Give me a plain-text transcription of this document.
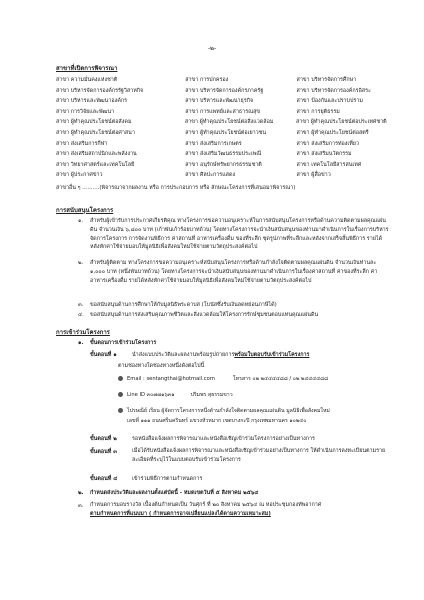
-๒-
สาขาที่เปิดการพิจารณา
สาขา ความมั่นคงแห่งชาติ	สาขา การปกครอง	สาขา บริหารจัดการศึกษา
สาขา บริหารจัดการองค์กรรัฐวิสาหกิจ	สาขา บริหารจัดการองค์กรภาครัฐ	สาขา บริหารจัดการองค์กรอิสระ
สาขา บริหารและพัฒนาองค์กร	สาขา บริหารและพัฒนาธุรกิจ	สาขา ป้องกันและปราบปราม
สาขา การวิจัยและพัฒนา	สาขา การแพทย์และสาธารณสุข	สาขา การยุติธรรม
สาขา ผู้ทำคุณประโยชน์ต่อสังคม	สาขา ผู้ทำคุณประโยชน์ต่อสิ่งแวดล้อม	สาขา ผู้ทำคุณประโยชน์ต่อประเทศชาติ
สาขา ผู้ทำคุณประโยชน์ต่อศาสนา	สาขา ผู้ทำคุณประโยชน์ต่อเยาวชน	สาขา ผู้ทำคุณประโยชน์ต่อสตรี
สาขา ส่งเสริมการกีฬา	สาขา ส่งเสริมการเกษตร	สาขา ส่งเสริมการท่องเที่ยว
สาขา ส่งเสริมสถาปนิกและพลังงาน	สาขา ส่งเสริมวัฒนธรรมประเพณี	สาขา ส่งเสริมนวัตกรรม
สาขา วิทยาศาสตร์และเทคโนโลยี	สาขา อนุรักษ์ทรัพยากรธรรมชาติ	สาขา เทคโนโลยีสารสนเทศ
สาขา ผู้ประกาศข่าว	สาขา ศิลปะการแสดง	สาขา ผู้สื่อข่าว
สาขาอื่น ๆ ..........(พิจารณาจากผลงาน หรือ การประกอบการ หรือ ลักษณะโครงการที่เสนอมาพิจารณา)
การสนับสนุนโครงการ
๑.	สำหรับผู้เข้ารับการประกาศเกียรติคุณ ทางโครงการขอความอนุเคราะห์ในการสนับสนุนโครงการหรือด้านความติดตามผลคุณแผ่นดิน จำนวนเงิน ๖,๘๐๐ บาท (เก้าพันเก้าร้อยบาทถ้วน) โดยทางโครงการจะนำเงินสนับสนุนของท่านมาดำเนินการในเรื่องการบริหารจัดการโครงการ การจัดงานพิธีการ ค่าสถานที่ อาหารเครื่องดื่ม ของที่ระลึก ชุดรูปภาพที่ระลึกและหลังจากเสร็จสิ้นพิธีการ รายได้หลังหักค่าใช้จ่ายมอบให้มูลนิธิเพื่อสังคมใหม่ใช้จ่ายตามวัตถุประสงค์ต่อไป
๒.	สำหรับผู้ติดตาม ทางโครงการขอความอนุเคราะห์สนับสนุนโครงการหรือด้านกำลังใจติดตามผลคุณแผ่นดิน จำนวนเงินท่านละ ๑,๐๐๐ บาท (หนึ่งพันบาทถ้วน) โดยทางโครงการจะนำเงินสนับสนุนของท่านมาดำเนินการในเรื่องค่าสถานที่ ค่าของที่ระลึก ค่าอาหารเครื่องดื่ม รายได้หลังหักค่าใช้จ่ายมอบให้มูลนิธิเพื่อสังคมใหม่ใช้จ่ายตามวัตถุประสงค์ต่อไป
๓. ขอสนับสนุนด้านการศึกษาให้กับมูลนิธิพระดาบส (โบนัสซึ่งรับเงินลดหย่อนภาษีได้)
๔. ขอสนับสนุนด้านการส่งเสริมคุณภาพชีวิตและสิ่งแวดล้อมให้โครงการรักษ์ชุมชนตอบแทนคุณแผ่นดิน
การเข้าร่วมโครงการ
๑. ขั้นตอนการเข้าร่วมโครงการ
ขั้นตอนที่ ๑	นำส่งแบบประวัติและผลงานพร้อมรูปถ่ายการพร้อมใบตอบรับเข้าร่วมโครงการ
ตามช่องทางใดช่องทางหนึ่งดังต่อไปนี้
Email : sentangthai@hotmail.com	โทรสาร ๐๒ ๒๔๔๔๔๘๘ / ๐๒ ๒๔๔๔๔๘๘
Line ID ๓๐๗๗๑๖๓๑	ปริมพร สุธรรมขาว
ไปรษณีย์ เรียน ผู้จัดการโครงการหนึ่งด้านกำลังใจติดตามผลคุณแผ่นดิน มูลนิธิเพื่อสังคมใหม่
เลขที่ ๑๑๑ ถนนศรีนครินทร์ แขวงหัวหมาก เขตบางกะปิ กรุงเทพมหานคร ๑๐๒๔๐
ขั้นตอนที่ ๒	รอหนังสือแจ้งผลการพิจารณาและหนังสือเชิญเข้าร่วมโครงการอย่างเป็นทางการ
ขั้นตอนที่ ๓	เมื่อได้รับหนังสือแจ้งผลการพิจารณาและหนังสือเชิญเข้าร่วมอย่างเป็นทางการ ให้ดำเนินการลงทะเบียนตามรายละเอียดที่ระบุไว้ในแบบตอบรับเข้าร่วมโครงการ
ขั้นตอนที่ ๔	เข้าร่วมพิธีการตามกำหนดการ
๒. กำหนดส่งประวัติและผลงานตั้งแต่บัดนี้ - หมดเขตวันที่ ๕ สิงหาคม ๒๕๖๔
๓. กำหนดการมอบรางวัล เบื้องต้นกำหนดเป็น วันศุกร์ ที่ ๒๐ สิงหาคม ๒๕๖๔ ณ หอประชุมกองทัพอากาศ
ตามกำหนดการที่แนบมา ( กำหนดการอาจเปลี่ยนแปลงได้ตามความเหมาะสม)
